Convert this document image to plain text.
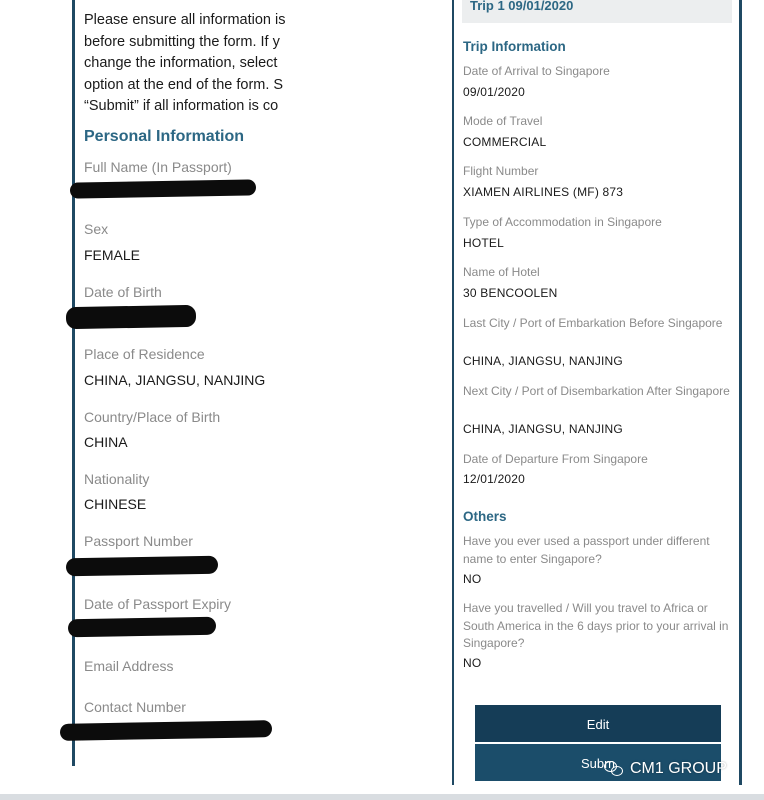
Please ensure all information is
before submitting the form. If y
change the information, select
option at the end of the form. S
“Submit” if all information is co
Personal Information
Full Name (In Passport)
Sex
FEMALE
Date of Birth
Place of Residence
CHINA, JIANGSU, NANJING
Country/Place of Birth
CHINA
Nationality
CHINESE
Passport Number
Date of Passport Expiry
Email Address
Contact Number
Trip 1 09/01/2020
Trip Information
Date of Arrival to Singapore
09/01/2020
Mode of Travel
COMMERCIAL
Flight Number
XIAMEN AIRLINES (MF) 873
Type of Accommodation in Singapore
HOTEL
Name of Hotel
30 BENCOOLEN
Last City / Port of Embarkation Before Singapore
CHINA, JIANGSU, NANJING
Next City / Port of Disembarkation After Singapore
CHINA, JIANGSU, NANJING
Date of Departure From Singapore
12/01/2020
Others
Have you ever used a passport under different name to enter Singapore?
NO
Have you travelled / Will you travel to Africa or South America in the 6 days prior to your arrival in Singapore?
NO
Edit
Subm CM1 GROUP
